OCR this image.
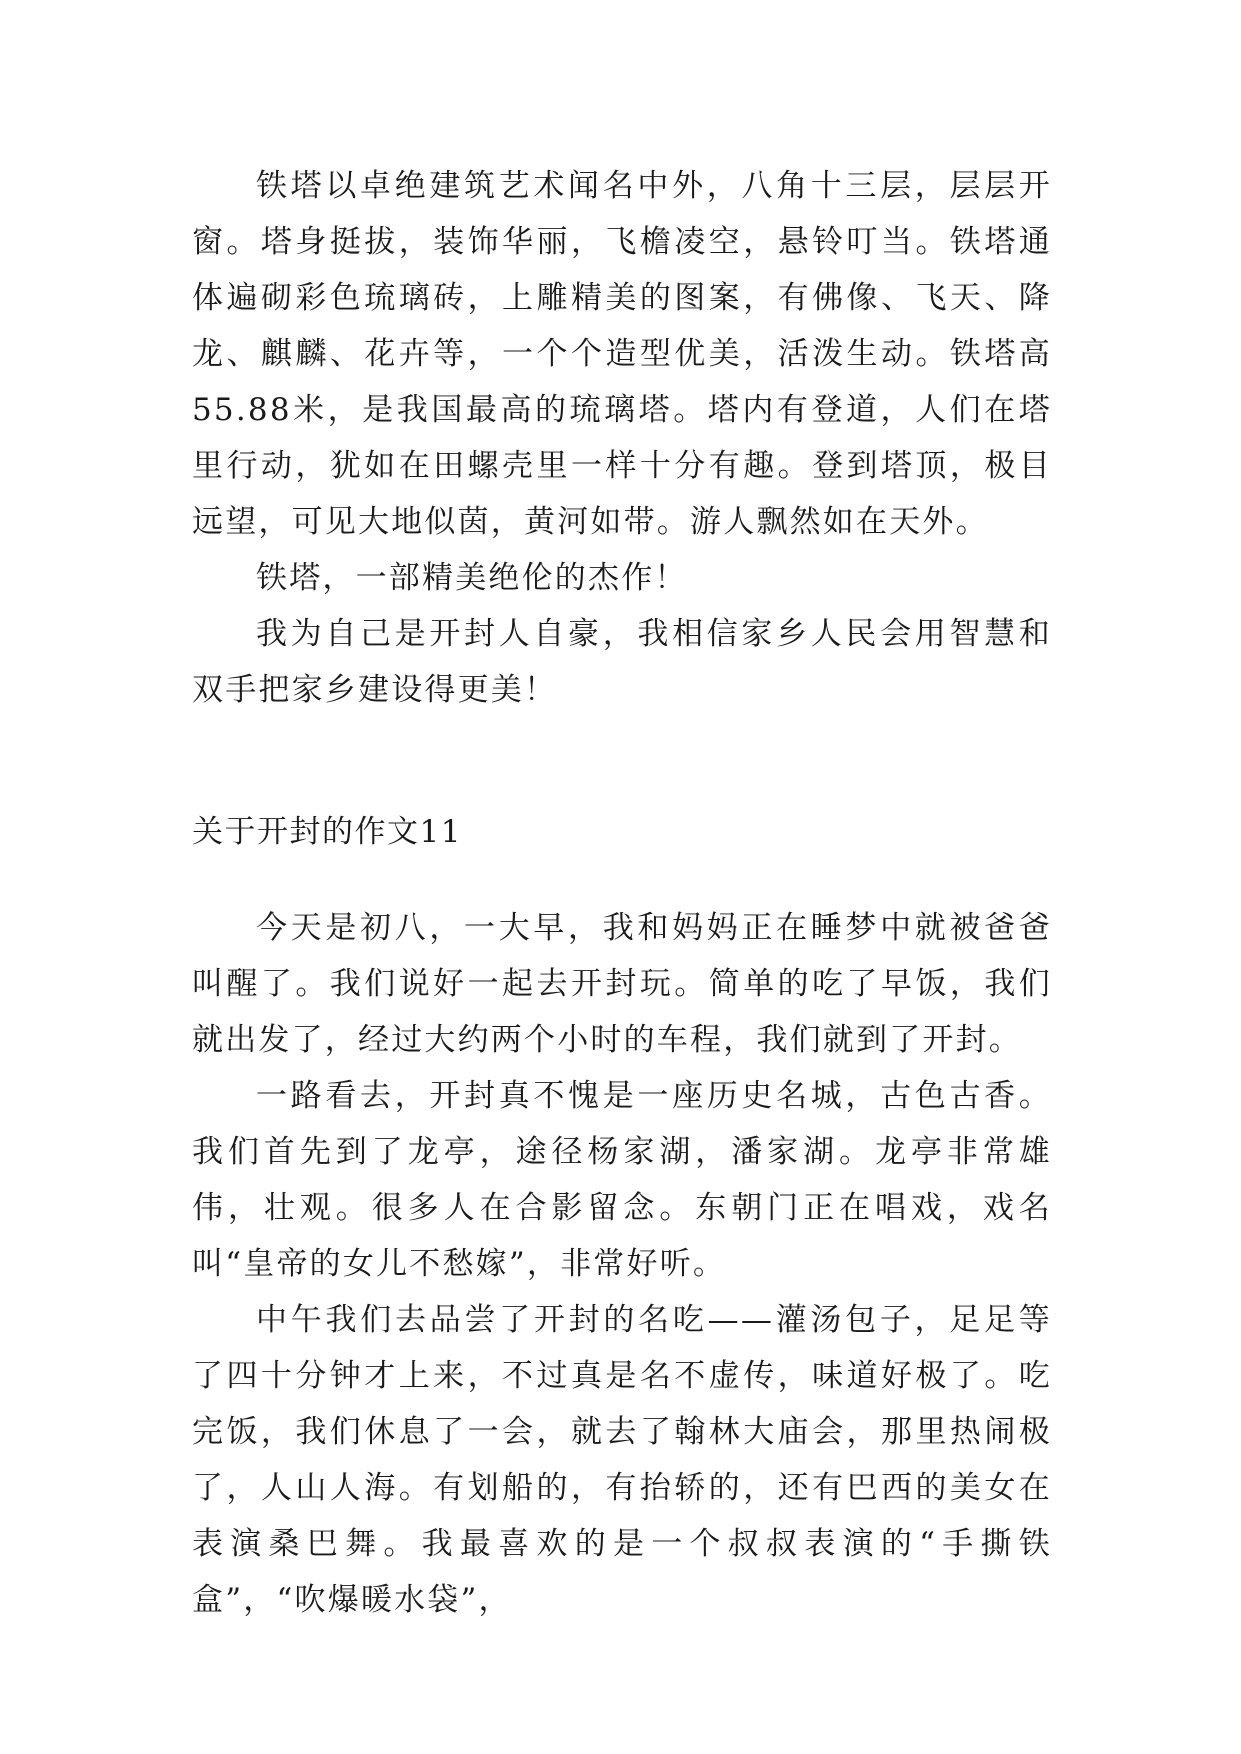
铁塔以卓绝建筑艺术闻名中外，八角十三层，层层开窗。塔身挺拔，装饰华丽，飞檐凌空，悬铃叮当。铁塔通体遍砌彩色琉璃砖，上雕精美的图案，有佛像、飞天、降龙、麒麟、花卉等，一个个造型优美，活泼生动。铁塔高55.88米，是我国最高的琉璃塔。塔内有登道，人们在塔里行动，犹如在田螺壳里一样十分有趣。登到塔顶，极目远望，可见大地似茵，黄河如带。游人飘然如在天外。

铁塔，一部精美绝伦的杰作！

我为自己是开封人自豪，我相信家乡人民会用智慧和双手把家乡建设得更美！

关于开封的作文11

今天是初八，一大早，我和妈妈正在睡梦中就被爸爸叫醒了。我们说好一起去开封玩。简单的吃了早饭，我们就出发了，经过大约两个小时的车程，我们就到了开封。

一路看去，开封真不愧是一座历史名城，古色古香。我们首先到了龙亭，途径杨家湖，潘家湖。龙亭非常雄伟，壮观。很多人在合影留念。东朝门正在唱戏，戏名叫“皇帝的女儿不愁嫁”，非常好听。

中午我们去品尝了开封的名吃——灌汤包子，足足等了四十分钟才上来，不过真是名不虚传，味道好极了。吃完饭，我们休息了一会，就去了翰林大庙会，那里热闹极了，人山人海。有划船的，有抬轿的，还有巴西的美女在表演桑巴舞。我最喜欢的是一个叔叔表演的“手撕铁盒”，“吹爆暖水袋”，
